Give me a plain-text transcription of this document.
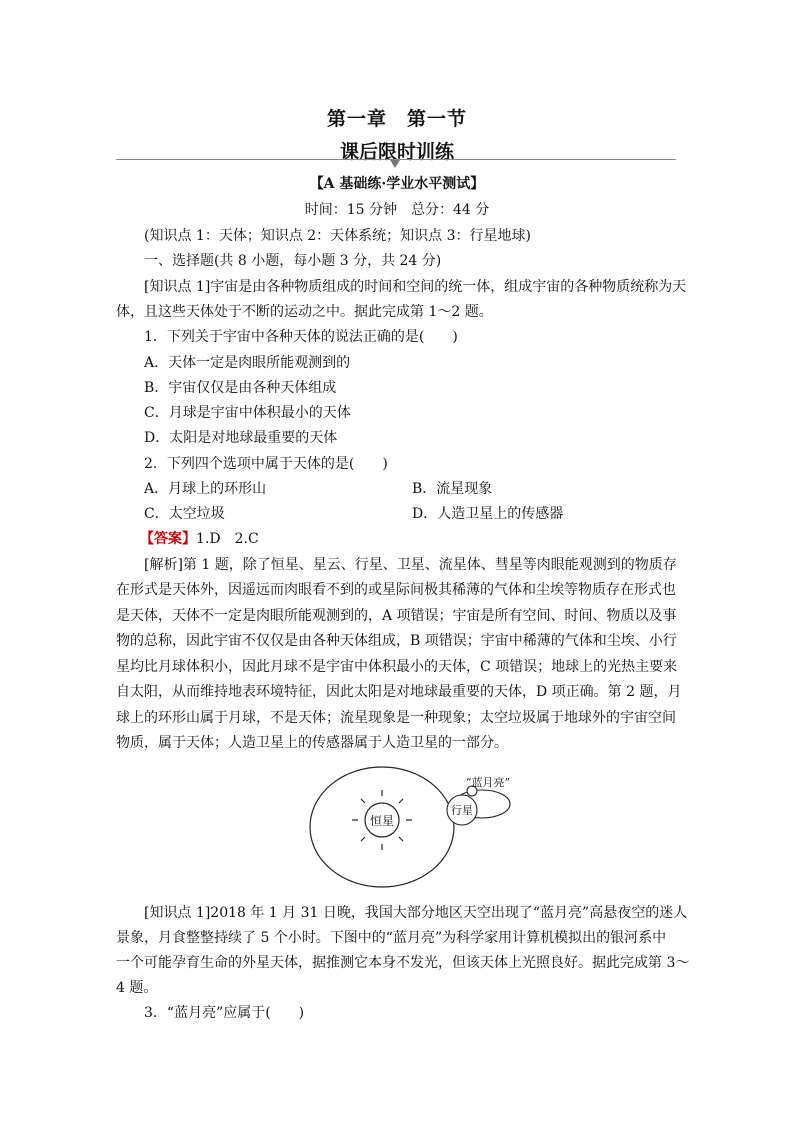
第一章　第一节
课后限时训练
【A 基础练·学业水平测试】
时间：15 分钟　总分：44 分
(知识点 1：天体；知识点 2：天体系统；知识点 3：行星地球)
一、选择题(共 8 小题，每小题 3 分，共 24 分)
[知识点 1]宇宙是由各种物质组成的时间和空间的统一体，组成宇宙的各种物质统称为天
体，且这些天体处于不断的运动之中。据此完成第 1～2 题。
1．下列关于宇宙中各种天体的说法正确的是(　　)
A．天体一定是肉眼所能观测到的
B．宇宙仅仅是由各种天体组成
C．月球是宇宙中体积最小的天体
D．太阳是对地球最重要的天体
2．下列四个选项中属于天体的是(　　)
A．月球上的环形山	B．流星现象
C．太空垃圾	D．人造卫星上的传感器
【答案】1.D　2.C
[解析]第 1 题，除了恒星、星云、行星、卫星、流星体、彗星等肉眼能观测到的物质存
在形式是天体外，因遥远而肉眼看不到的或星际间极其稀薄的气体和尘埃等物质存在形式也
是天体，天体不一定是肉眼所能观测到的，A 项错误；宇宙是所有空间、时间、物质以及事
物的总称，因此宇宙不仅仅是由各种天体组成，B 项错误；宇宙中稀薄的气体和尘埃、小行
星均比月球体积小，因此月球不是宇宙中体积最小的天体，C 项错误；地球上的光热主要来
自太阳，从而维持地表环境特征，因此太阳是对地球最重要的天体，D 项正确。第 2 题，月
球上的环形山属于月球，不是天体；流星现象是一种现象；太空垃圾属于地球外的宇宙空间
物质，属于天体；人造卫星上的传感器属于人造卫星的一部分。
恒星
行星
“蓝月亮”
[知识点 1]2018 年 1 月 31 日晚，我国大部分地区天空出现了“蓝月亮”高悬夜空的迷人
景象，月食整整持续了 5 个小时。下图中的“蓝月亮”为科学家用计算机模拟出的银河系中
一个可能孕育生命的外星天体，据推测它本身不发光，但该天体上光照良好。据此完成第 3～
4 题。
3．“蓝月亮”应属于(　　)
